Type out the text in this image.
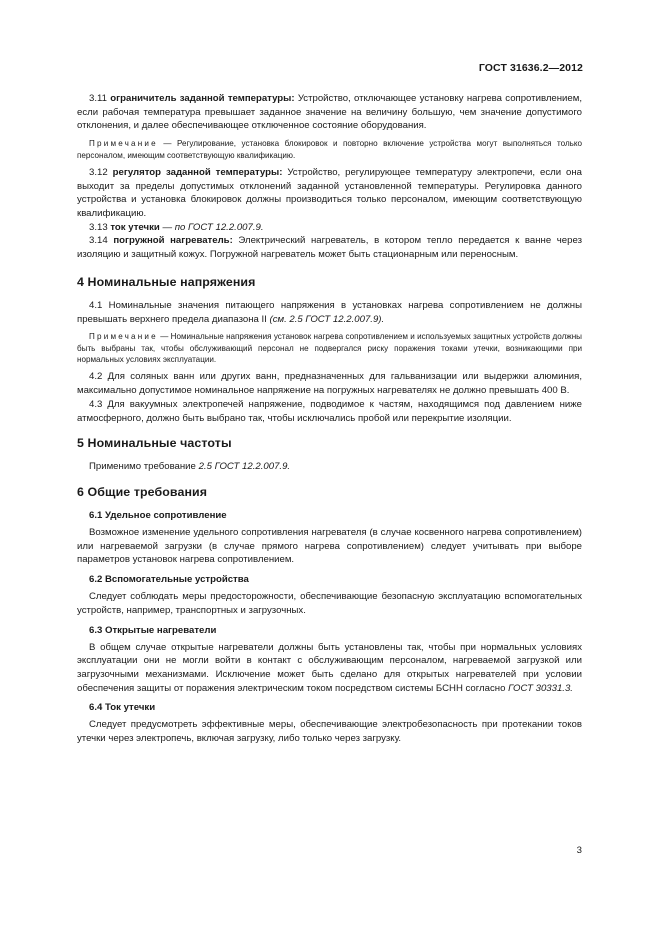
ГОСТ 31636.2—2012

3.11 ограничитель заданной температуры: Устройство, отключающее установку нагрева сопротивлением, если рабочая температура превышает заданное значение на величину большую, чем значение допустимого отклонения, и далее обеспечивающее отключенное состояние оборудования.

Примечание — Регулирование, установка блокировок и повторно включение устройства могут выполняться только персоналом, имеющим соответствующую квалификацию.

3.12 регулятор заданной температуры: Устройство, регулирующее температуру электропечи, если она выходит за пределы допустимых отклонений заданной установленной температуры. Регулировка данного устройства и установка блокировок должны производиться только персоналом, имеющим соответствующую квалификацию.

3.13 ток утечки — по ГОСТ 12.2.007.9.

3.14 погружной нагреватель: Электрический нагреватель, в котором тепло передается к ванне через изоляцию и защитный кожух. Погружной нагреватель может быть стационарным или переносным.

4 Номинальные напряжения

4.1 Номинальные значения питающего напряжения в установках нагрева сопротивлением не должны превышать верхнего предела диапазона II (см. 2.5 ГОСТ 12.2.007.9).

Примечание — Номинальные напряжения установок нагрева сопротивлением и используемых защитных устройств должны быть выбраны так, чтобы обслуживающий персонал не подвергался риску поражения токами утечки, возникающими при нормальных условиях эксплуатации.

4.2 Для соляных ванн или других ванн, предназначенных для гальванизации или выдержки алюминия, максимально допустимое номинальное напряжение на погружных нагревателях не должно превышать 400 В.

4.3 Для вакуумных электропечей напряжение, подводимое к частям, находящимся под давлением ниже атмосферного, должно быть выбрано так, чтобы исключались пробой или перекрытие изоляции.

5 Номинальные частоты

Применимо требование 2.5 ГОСТ 12.2.007.9.

6 Общие требования
6.1 Удельное сопротивление

Возможное изменение удельного сопротивления нагревателя (в случае косвенного нагрева сопротивлением) или нагреваемой загрузки (в случае прямого нагрева сопротивлением) следует учитывать при выборе параметров установок нагрева сопротивлением.

6.2 Вспомогательные устройства

Следует соблюдать меры предосторожности, обеспечивающие безопасную эксплуатацию вспомогательных устройств, например, транспортных и загрузочных.

6.3 Открытые нагреватели

В общем случае открытые нагреватели должны быть установлены так, чтобы при нормальных условиях эксплуатации они не могли войти в контакт с обслуживающим персоналом, нагреваемой загрузкой или загрузочными механизмами. Исключение может быть сделано для открытых нагревателей при условии обеспечения защиты от поражения электрическим током посредством системы БСНН согласно ГОСТ 30331.3.

6.4 Ток утечки

Следует предусмотреть эффективные меры, обеспечивающие электробезопасность при протекании токов утечки через электропечь, включая загрузку, либо только через загрузку.

3
